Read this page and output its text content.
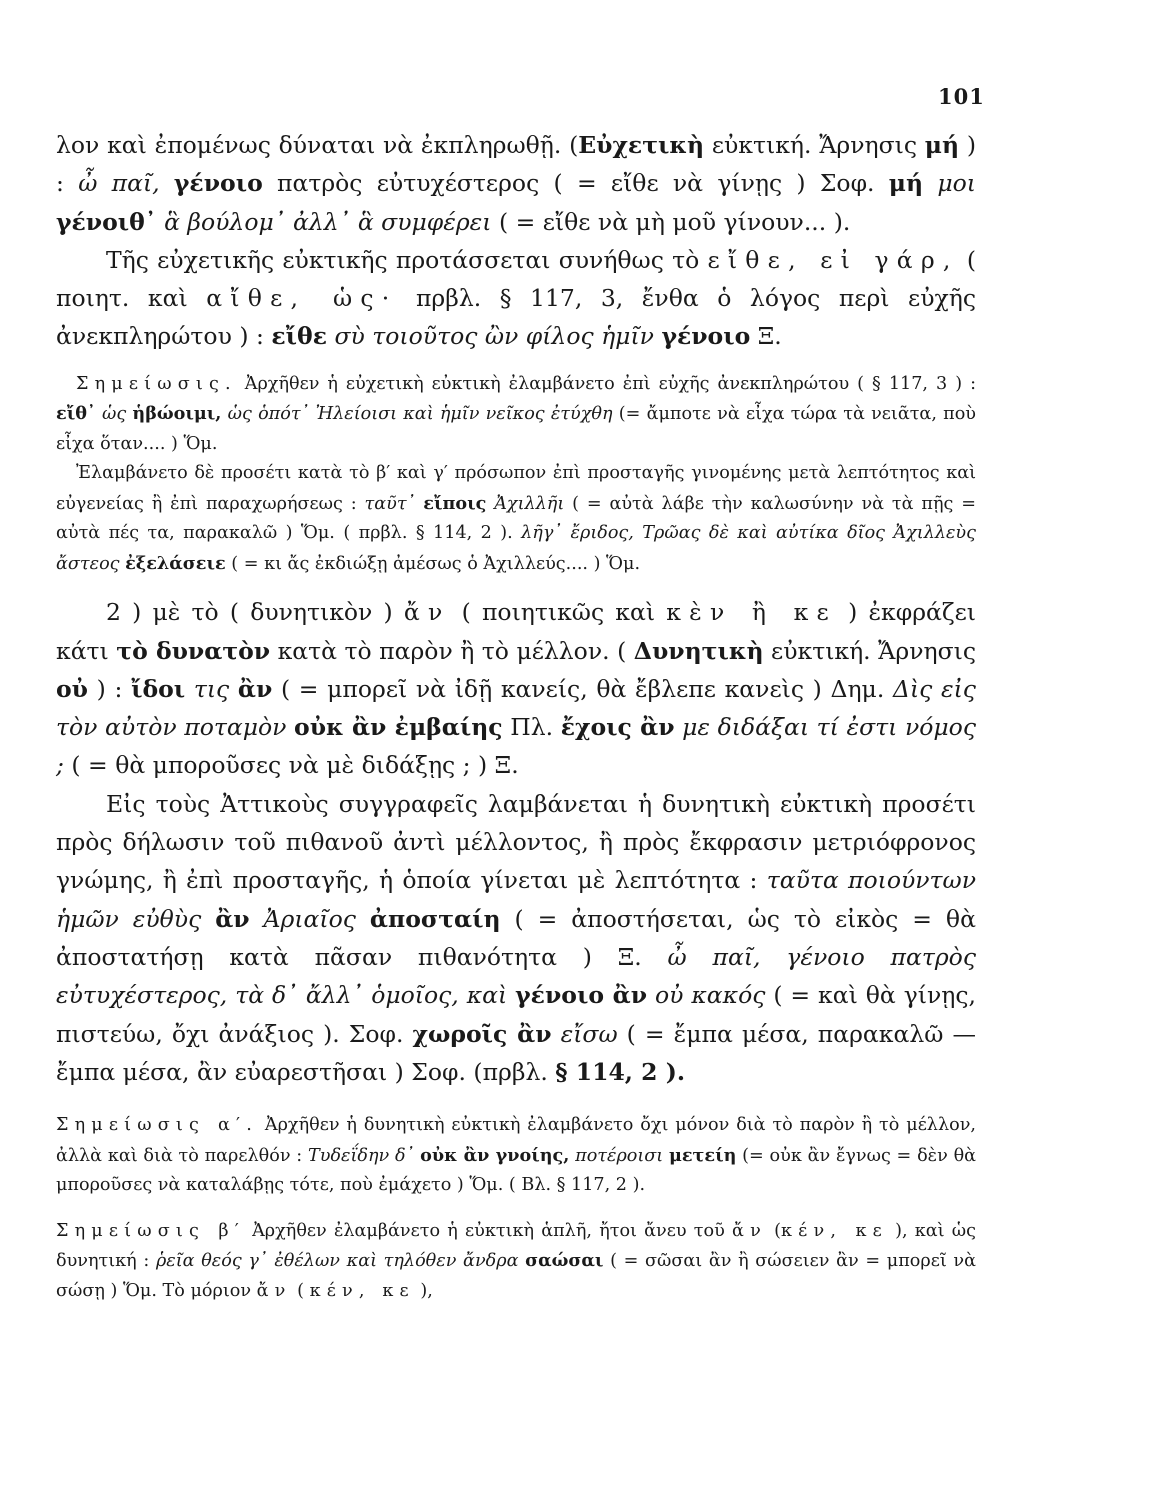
101

λον καὶ ἐπομένως δύναται νὰ ἐκπληρωθῇ. (Εὐχετικὴ εὐκτική. Ἄρνησις μή ) : ὦ παῖ, γένοιο πατρὸς εὐτυχέστερος ( = εἴθε νὰ γίνῃς ) Σοφ. μή μοι γένοιθ᾽ ἃ βούλομ᾽ ἀλλ᾽ ἃ συμφέρει ( = εἴθε νὰ μὴ μοῦ γίνουν... ).

Τῆς εὐχετικῆς εὐκτικῆς προτάσσεται συνήθως τὸ εἴθε, εἰ γάρ, ( ποιητ. καὶ αἴθε, ὡς· πρβλ. § 117, 3, ἔνθα ὁ λόγος περὶ εὐχῆς ἀνεκπληρώτου ) : εἴθε σὺ τοιοῦτος ὢν φίλος ἡμῖν γένοιο Ξ.

Σημείωσις. Ἀρχῆθεν ἡ εὐχετικὴ εὐκτικὴ ἐλαμβάνετο ἐπὶ εὐχῆς ἀνεκπληρώτου ( § 117, 3 ) : εἴθ᾽ ὡς ἡβώοιμι, ὡς ὁπότ᾽ Ἠλείοισι καὶ ἡμῖν νεῖκος ἐτύχθη (= ἄμποτε νὰ εἶχα τώρα τὰ νειᾶτα, ποὺ εἶχα ὅταν.... ) Ὅμ.

Ἐλαμβάνετο δὲ προσέτι κατὰ τὸ β′ καὶ γ′ πρόσωπον ἐπὶ προσταγῆς γινομένης μετὰ λεπτότητος καὶ εὐγενείας ἢ ἐπὶ παραχωρήσεως : ταῦτ᾽ εἴποις Ἀχιλλῆι ( = αὐτὰ λάβε τὴν καλωσύνην νὰ τὰ πῇς = αὐτὰ πές τα, παρακαλῶ ) Ὅμ. ( πρβλ. § 114, 2 ). λῆγ᾽ ἔριδος, Τρῶας δὲ καὶ αὐτίκα δῖος Ἀχιλλεὺς ἄστεος ἐξελάσειε ( = κι ἄς ἐκδιώξῃ ἀμέσως ὁ Ἀχιλλεύς.... ) Ὅμ.

2 ) μὲ τὸ ( δυνητικὸν ) ἄν ( ποιητικῶς καὶ κὲν ἢ κε ) ἐκφράζει κάτι τὸ δυνατὸν κατὰ τὸ παρὸν ἢ τὸ μέλλον. ( Δυνητικὴ εὐκτική. Ἄρνησις οὐ ) : ἴδοι τις ἂν ( = μπορεῖ νὰ ἰδῇ κανείς, θὰ ἔβλεπε κανεὶς ) Δημ. Δὶς εἰς τὸν αὐτὸν ποταμὸν οὐκ ἂν ἐμβαίης Πλ. ἔχοις ἂν με διδάξαι τί ἐστι νόμος ; ( = θὰ μποροῦσες νὰ μὲ διδάξῃς ; ) Ξ.

Εἰς τοὺς Ἀττικοὺς συγγραφεῖς λαμβάνεται ἡ δυνητικὴ εὐκτικὴ προσέτι πρὸς δήλωσιν τοῦ πιθανοῦ ἀντὶ μέλλοντος, ἢ πρὸς ἔκφρασιν μετριόφρονος γνώμης, ἢ ἐπὶ προσταγῆς, ἡ ὁποία γίνεται μὲ λεπτότητα : ταῦτα ποιούντων ἡμῶν εὐθὺς ἂν Ἀριαῖος ἀποσταίη ( = ἀποστήσεται, ὡς τὸ εἰκὸς = θὰ ἀποστατήσῃ κατὰ πᾶσαν πιθανότητα ) Ξ. ὦ παῖ, γένοιο πατρὸς εὐτυχέστερος, τὰ δ᾽ ἄλλ᾽ ὁμοῖος, καὶ γένοιο ἂν οὐ κακός ( = καὶ θὰ γίνῃς, πιστεύω, ὄχι ἀνάξιος ). Σοφ. χωροῖς ἂν εἴσω ( = ἔμπα μέσα, παρακαλῶ — ἔμπα μέσα, ἂν εὐαρεστῆσαι ) Σοφ. (πρβλ. § 114, 2 ).

Σημείωσις α′. Ἀρχῆθεν ἡ δυνητικὴ εὐκτικὴ ἐλαμβάνετο ὄχι μόνον διὰ τὸ παρὸν ἢ τὸ μέλλον, ἀλλὰ καὶ διὰ τὸ παρελθόν : Τυδεΐδην δ᾽ οὐκ ἂν γνοίης, ποτέροισι μετείη (= οὐκ ἂν ἔγνως = δὲν θὰ μποροῦσες νὰ καταλάβῃς τότε, ποὺ ἐμάχετο ) Ὅμ. ( Βλ. § 117, 2 ).

Σημείωσις β′ Ἀρχῆθεν ἐλαμβάνετο ἡ εὐκτικὴ ἁπλῆ, ἤτοι ἄνευ τοῦ ἄν (κέν, κε ), καὶ ὡς δυνητική : ῥεῖα θεός γ᾽ ἐθέλων καὶ τηλόθεν ἄνδρα σαώσαι ( = σῶσαι ἂν ἢ σώσειεν ἂν = μπορεῖ νὰ σώσῃ ) Ὅμ. Τὸ μόριον ἄν ( κέν, κε ),
